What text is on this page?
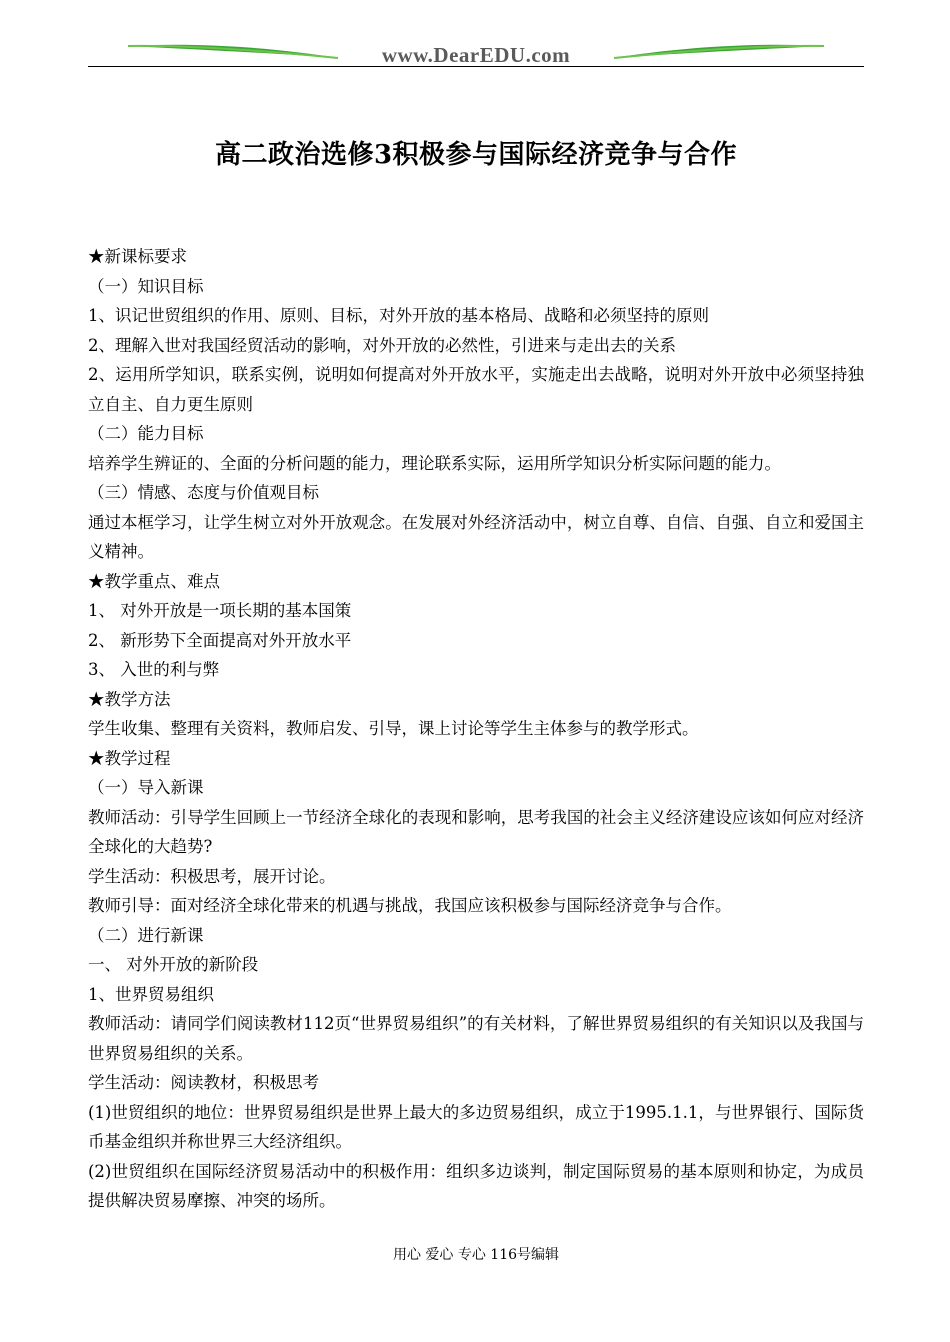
www.DearEDU.com
高二政治选修3积极参与国际经济竞争与合作
★新课标要求
（一）知识目标
1、识记世贸组织的作用、原则、目标，对外开放的基本格局、战略和必须坚持的原则
2、理解入世对我国经贸活动的影响，对外开放的必然性，引进来与走出去的关系
2、运用所学知识，联系实例，说明如何提高对外开放水平，实施走出去战略，说明对外开放中必须坚持独立自主、自力更生原则
（二）能力目标
培养学生辨证的、全面的分析问题的能力，理论联系实际，运用所学知识分析实际问题的能力。
（三）情感、态度与价值观目标
通过本框学习，让学生树立对外开放观念。在发展对外经济活动中，树立自尊、自信、自强、自立和爱国主义精神。
★教学重点、难点
1、 对外开放是一项长期的基本国策
2、 新形势下全面提高对外开放水平
3、 入世的利与弊
★教学方法
学生收集、整理有关资料，教师启发、引导，课上讨论等学生主体参与的教学形式。
★教学过程
（一）导入新课
教师活动：引导学生回顾上一节经济全球化的表现和影响，思考我国的社会主义经济建设应该如何应对经济全球化的大趋势?
学生活动：积极思考，展开讨论。
教师引导：面对经济全球化带来的机遇与挑战，我国应该积极参与国际经济竞争与合作。
（二）进行新课
一、 对外开放的新阶段
1、世界贸易组织
教师活动：请同学们阅读教材112页“世界贸易组织”的有关材料，了解世界贸易组织的有关知识以及我国与世界贸易组织的关系。
学生活动：阅读教材，积极思考
(1)世贸组织的地位：世界贸易组织是世界上最大的多边贸易组织，成立于1995.1.1，与世界银行、国际货币基金组织并称世界三大经济组织。
(2)世贸组织在国际经济贸易活动中的积极作用：组织多边谈判，制定国际贸易的基本原则和协定，为成员提供解决贸易摩擦、冲突的场所。
用心 爱心 专心 116号编辑
